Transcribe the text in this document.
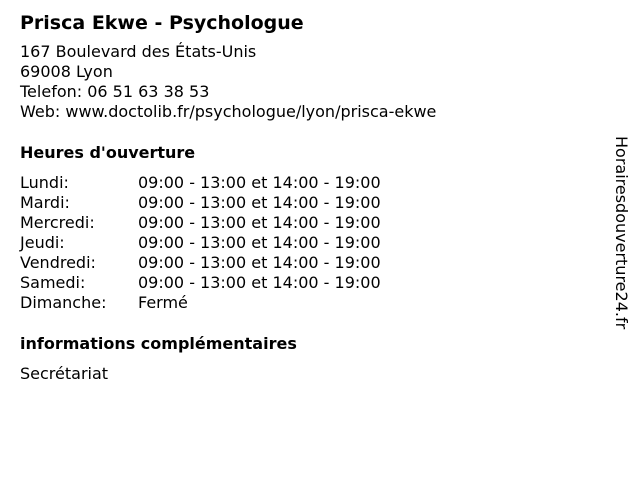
Prisca Ekwe - Psychologue
167 Boulevard des États-Unis
69008 Lyon
Telefon: 06 51 63 38 53
Web: www.doctolib.fr/psychologue/lyon/prisca-ekwe
Heures d'ouverture
Lundi:	09:00 - 13:00 et 14:00 - 19:00
Mardi:	09:00 - 13:00 et 14:00 - 19:00
Mercredi:	09:00 - 13:00 et 14:00 - 19:00
Jeudi:	09:00 - 13:00 et 14:00 - 19:00
Vendredi:	09:00 - 13:00 et 14:00 - 19:00
Samedi:	09:00 - 13:00 et 14:00 - 19:00
Dimanche: Fermé
informations complémentaires
Secrétariat
Horairesdouverture24.fr
